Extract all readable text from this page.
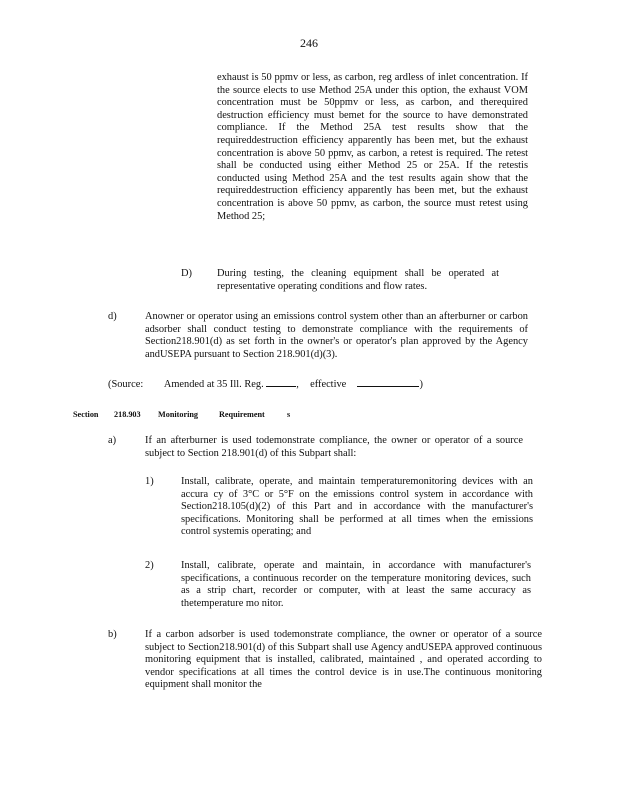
246
exhaust is 50 ppmv or less, as carbon, reg ardless of inlet concentration. If the source elects to use Method 25A under this option, the exhaust VOM concentration must be 50ppmv or less, as carbon, and therequired destruction efficiency must bemet for the source to have demonstrated compliance. If the Method 25A test results show that the requireddestruction efficiency apparently has been met, but the exhaust concentration is above 50 ppmv, as carbon, a retest is required. The retest shall be conducted using either Method 25 or 25A. If the retestis conducted using Method 25A and the test results again show that the requireddestruction efficiency apparently has been met, but the exhaust concentration is above 50 ppmv, as carbon, the source must retest using Method 25;
D) During testing, the cleaning equipment shall be operated at representative operating conditions and flow rates.
d)	Anowner or operator using an emissions control system other than an afterburner or carbon adsorber shall conduct testing to demonstrate compliance with the requirements of Section218.901(d) as set forth in the owner's or operator's plan approved by the Agency andUSEPA pursuant to Section 218.901(d)(3).
(Source: Amended at 35 Ill. Reg.	,  effective	)
Section 218.903 Monitoring	Requirement	s
a)	If an afterburner is used todemonstrate compliance, the owner or operator of a source subject to Section 218.901(d) of this Subpart shall:
1)	Install, calibrate, operate, and maintain temperaturemonitoring devices with an accura cy of 3°C or 5°F on the emissions control system in accordance with Section218.105(d)(2) of this Part and in accordance with the manufacturer's specifications. Monitoring shall be performed at all times when the emissions control systemis operating; and
2)	Install, calibrate, operate and maintain, in accordance with manufacturer's specifications, a continuous recorder on the temperature monitoring devices, such as a strip chart, recorder or computer, with at least the same accuracy as thetemperature mo nitor.
b)	If a carbon adsorber is used todemonstrate compliance, the owner or operator of a source subject to Section218.901(d) of this Subpart shall use Agency andUSEPA approved continuous monitoring equipment that is installed, calibrated, maintained , and operated according to vendor specifications at all times the control device is in use.The continuous monitoring equipment shall monitor the
